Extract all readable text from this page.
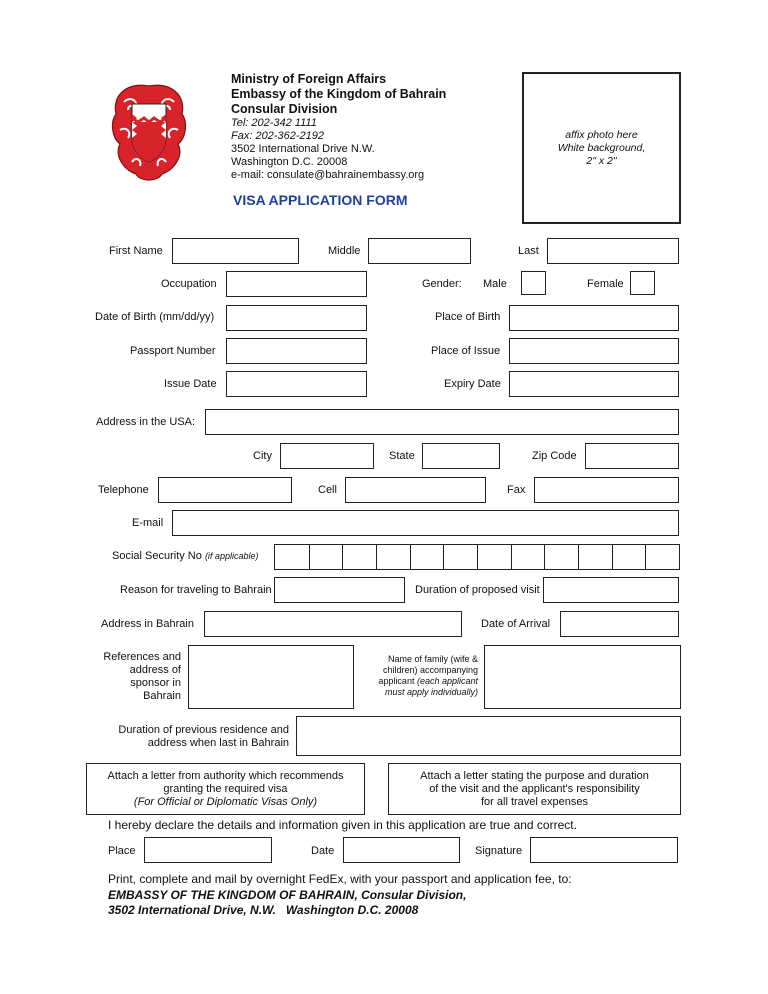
Ministry of Foreign Affairs
Embassy of the Kingdom of Bahrain
Consular Division
Tel: 202-342 1111
Fax: 202-362-2192
3502 International Drive N.W.
Washington D.C. 20008
e-mail: consulate@bahrainembassy.org
VISA APPLICATION FORM
affix photo here
White background,
2" x 2"
First Name	Middle	Last
Occupation	Gender: Male	Female
Date of Birth (mm/dd/yy)	Place of Birth
Passport Number	Place of Issue
Issue Date	Expiry Date
Address in the USA:
City	State	Zip Code
Telephone	Cell	Fax
E-mail
Social Security No (if applicable)
Reason for traveling to Bahrain	Duration of proposed visit
Address in Bahrain	Date of Arrival
References and
address of
sponsor in
Bahrain
Name of family (wife &
children) accompanying
applicant (each applicant
must apply individually)
Duration of previous residence and
address when last in Bahrain
Attach a letter from authority which recommends
granting the required visa
(For Official or Diplomatic Visas Only)
Attach a letter stating the purpose and duration
of the visit and the applicant's responsibility
for all travel expenses
I hereby declare the details and information given in this application are true and correct.
Place	Date	Signature
Print, complete and mail by overnight FedEx, with your passport and application fee, to:
EMBASSY OF THE KINGDOM OF BAHRAIN, Consular Division,
3502 International Drive, N.W.   Washington D.C. 20008
